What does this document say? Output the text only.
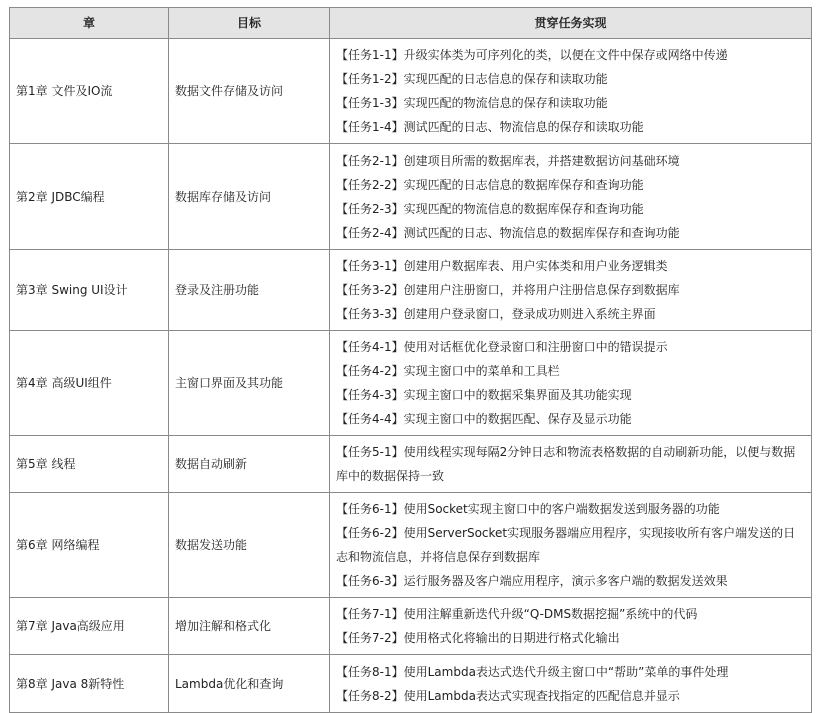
章	目标	贯穿任务实现
第1章 文件及IO流	数据文件存储及访问	【任务1-1】升级实体类为可序列化的类，以便在文件中保存或网络中传递
【任务1-2】实现匹配的日志信息的保存和读取功能
【任务1-3】实现匹配的物流信息的保存和读取功能
【任务1-4】测试匹配的日志、物流信息的保存和读取功能

第2章 JDBC编程	数据库存储及访问	【任务2-1】创建项目所需的数据库表，并搭建数据访问基础环境
【任务2-2】实现匹配的日志信息的数据库保存和查询功能
【任务2-3】实现匹配的物流信息的数据库保存和查询功能
【任务2-4】测试匹配的日志、物流信息的数据库保存和查询功能

第3章 Swing UI设计	登录及注册功能	【任务3-1】创建用户数据库表、用户实体类和用户业务逻辑类
【任务3-2】创建用户注册窗口，并将用户注册信息保存到数据库
【任务3-3】创建用户登录窗口，登录成功则进入系统主界面

第4章 高级UI组件	主窗口界面及其功能	【任务4-1】使用对话框优化登录窗口和注册窗口中的错误提示
【任务4-2】实现主窗口中的菜单和工具栏
【任务4-3】实现主窗口中的数据采集界面及其功能实现
【任务4-4】实现主窗口中的数据匹配、保存及显示功能

第5章 线程	数据自动刷新	【任务5-1】使用线程实现每隔2分钟日志和物流表格数据的自动刷新功能，以便与数据库中的数据保持一致

第6章 网络编程	数据发送功能	【任务6-1】使用Socket实现主窗口中的客户端数据发送到服务器的功能
【任务6-2】使用ServerSocket实现服务器端应用程序，实现接收所有客户端发送的日志和物流信息，并将信息保存到数据库
【任务6-3】运行服务器及客户端应用程序，演示多客户端的数据发送效果

第7章 Java高级应用	增加注解和格式化	【任务7-1】使用注解重新迭代升级“Q-DMS数据挖掘”系统中的代码
【任务7-2】使用格式化将输出的日期进行格式化输出

第8章 Java 8新特性	Lambda优化和查询	【任务8-1】使用Lambda表达式迭代升级主窗口中“帮助”菜单的事件处理
【任务8-2】使用Lambda表达式实现查找指定的匹配信息并显示
